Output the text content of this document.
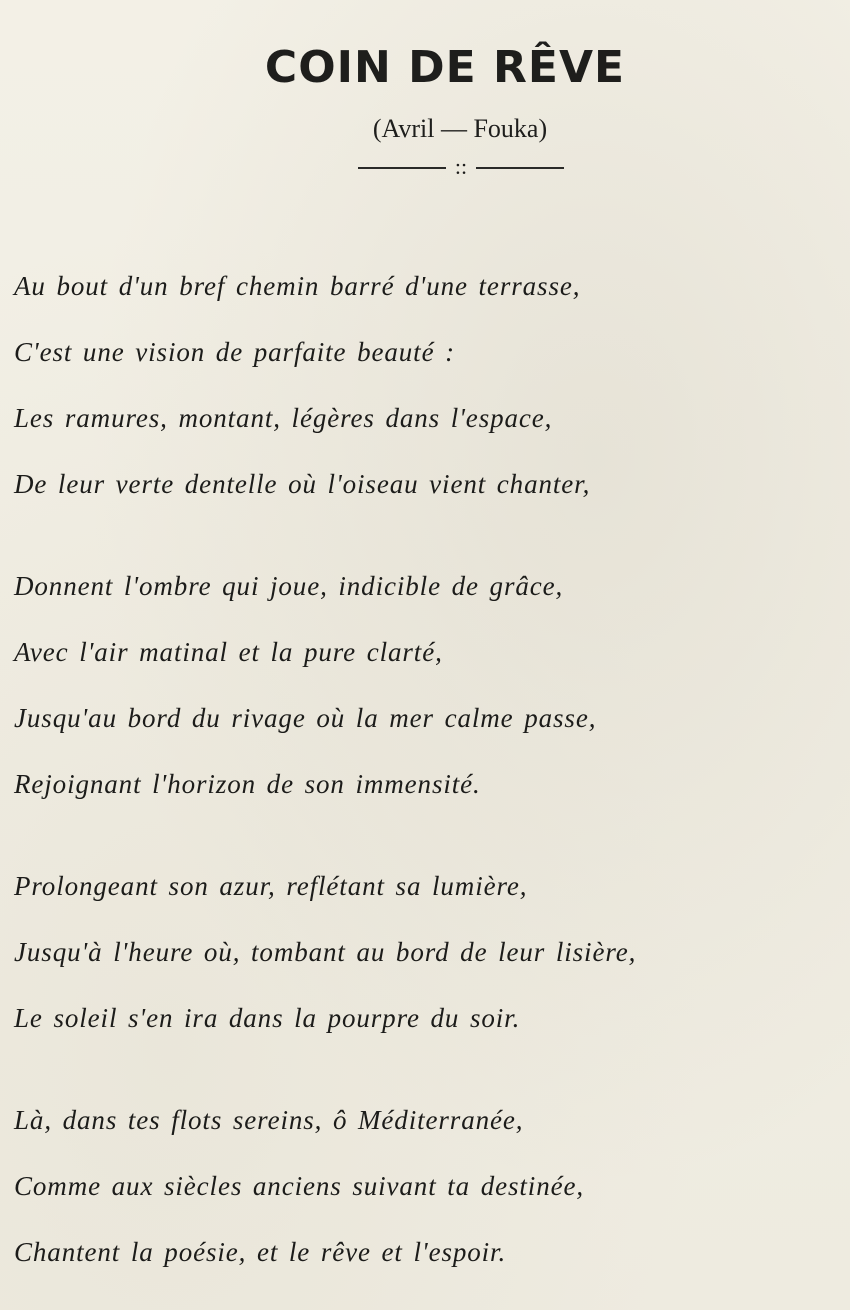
COIN DE RÊVE
(Avril — Fouka)
::
Au bout d'un bref chemin barré d'une terrasse,
C'est une vision de parfaite beauté :
Les ramures, montant, légères dans l'espace,
De leur verte dentelle où l'oiseau vient chanter,
Donnent l'ombre qui joue, indicible de grâce,
Avec l'air matinal et la pure clarté,
Jusqu'au bord du rivage où la mer calme passe,
Rejoignant l'horizon de son immensité.
Prolongeant son azur, reflétant sa lumière,
Jusqu'à l'heure où, tombant au bord de leur lisière,
Le soleil s'en ira dans la pourpre du soir.
Là, dans tes flots sereins, ô Méditerranée,
Comme aux siècles anciens suivant ta destinée,
Chantent la poésie, et le rêve et l'espoir.
